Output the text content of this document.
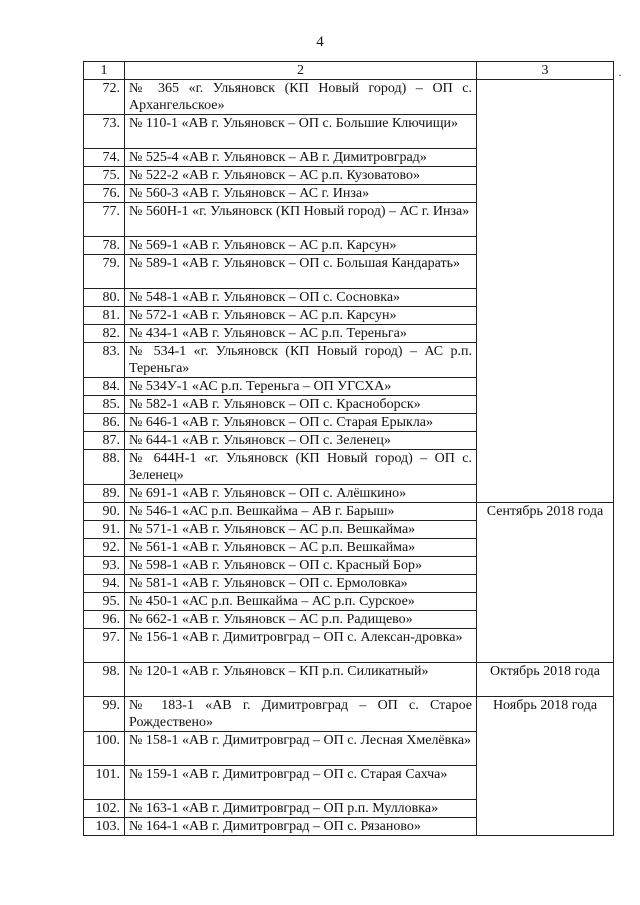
4
·
1	2	3
72.	№ 365 «г. Ульяновск (КП Новый город) – ОП с. Архангельское»	
73.	№ 110-1 «АВ г. Ульяновск – ОП с. Большие Ключищи»	
74.	№ 525-4 «АВ г. Ульяновск – АВ г. Димитровград»	
75.	№ 522-2 «АВ г. Ульяновск – АС р.п. Кузоватово»	
76.	№ 560-3 «АВ г. Ульяновск – АС г. Инза»	
77.	№ 560Н-1 «г. Ульяновск (КП Новый город) – АС г. Инза»	
78.	№ 569-1 «АВ г. Ульяновск – АС р.п. Карсун»	
79.	№ 589-1 «АВ г. Ульяновск – ОП с. Большая Кандарать»	
80.	№ 548-1 «АВ г. Ульяновск – ОП с. Сосновка»	
81.	№ 572-1 «АВ г. Ульяновск – АС р.п. Карсун»	
82.	№ 434-1 «АВ г. Ульяновск – АС р.п. Тереньга»	
83.	№ 534-1 «г. Ульяновск (КП Новый город) – АС р.п. Тереньга»	
84.	№ 534У-1 «АС р.п. Тереньга – ОП УГСХА»	
85.	№ 582-1 «АВ г. Ульяновск – ОП с. Красноборск»	
86.	№ 646-1 «АВ г. Ульяновск – ОП с. Старая Ерыкла»	
87.	№ 644-1 «АВ г. Ульяновск – ОП с. Зеленец»	
88.	№ 644Н-1 «г. Ульяновск (КП Новый город) – ОП с. Зеленец»	
89.	№ 691-1 «АВ г. Ульяновск – ОП с. Алёшкино»	
90.	№ 546-1 «АС р.п. Вешкайма – АВ г. Барыш»	Сентябрь 2018 года
91.	№ 571-1 «АВ г. Ульяновск – АС р.п. Вешкайма»	
92.	№ 561-1 «АВ г. Ульяновск – АС р.п. Вешкайма»	
93.	№ 598-1 «АВ г. Ульяновск – ОП с. Красный Бор»	
94.	№ 581-1 «АВ г. Ульяновск – ОП с. Ермоловка»	
95.	№ 450-1 «АС р.п. Вешкайма – АС р.п. Сурское»	
96.	№ 662-1 «АВ г. Ульяновск – АС р.п. Радищево»	
97.	№ 156-1 «АВ г. Димитровград – ОП с. Алексан-дровка»	
98.	№ 120-1 «АВ г. Ульяновск – КП р.п. Силикатный»	Октябрь 2018 года
99.	№ 183-1 «АВ г. Димитровград – ОП с. Старое Рождествено»	Ноябрь 2018 года
100.	№ 158-1 «АВ г. Димитровград – ОП с. Лесная Хмелёвка»	
101.	№ 159-1 «АВ г. Димитровград – ОП с. Старая Сахча»	
102.	№ 163-1 «АВ г. Димитровград – ОП р.п. Мулловка»	
103.	№ 164-1 «АВ г. Димитровград – ОП с. Рязаново»	
